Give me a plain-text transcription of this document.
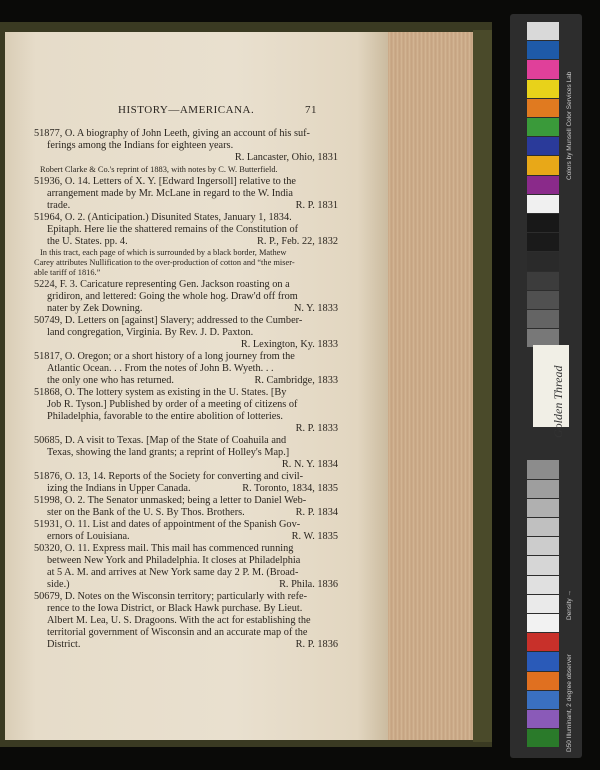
HISTORY—AMERICANA.	71
51877, O. A biography of John Leeth, giving an account of his suf-
ferings among the Indians for eighteen years.
R. Lancaster, Ohio, 1831
Robert Clarke & Co.'s reprint of 1883, with notes by C. W. Butterfield.
51936, O. 14. Letters of X. Y. [Edward Ingersoll] relative to the
arrangement made by Mr. McLane in regard to the W. India
trade.	R. P. 1831
51964, O. 2. (Anticipation.) Disunited States, January 1, 1834.
Epitaph. Here lie the shattered remains of the Constitution of
the U. States. pp. 4.	R. P., Feb. 22, 1832
In this tract, each page of which is surrounded by a black border, Mathew
Carey attributes Nullification to the over-production of cotton and “the miser-
able tariff of 1816.”
5224, F. 3. Caricature representing Gen. Jackson roasting on a
gridiron, and lettered: Going the whole hog. Draw'd off from
nater by Zek Downing.	N. Y. 1833
50749, D. Letters on [against] Slavery; addressed to the Cumber-
land congregation, Virginia. By Rev. J. D. Paxton.
R. Lexington, Ky. 1833
51817, O. Oregon; or a short history of a long journey from the
Atlantic Ocean. . . From the notes of John B. Wyeth. . .
the only one who has returned.	R. Cambridge, 1833
51868, O. The lottery system as existing in the U. States. [By
Job R. Tyson.] Published by order of a meeting of citizens of
Philadelphia, favorable to the entire abolition of lotteries.
R. P. 1833
50685, D. A visit to Texas. [Map of the State of Coahuila and
Texas, showing the land grants; a reprint of Holley's Map.]
R. N. Y. 1834
51876, O. 13, 14. Reports of the Society for converting and civil-
izing the Indians in Upper Canada.	R. Toronto, 1834, 1835
51998, O. 2. The Senator unmasked; being a letter to Daniel Web-
ster on the Bank of the U. S. By Thos. Brothers.	R. P. 1834
51931, O. 11. List and dates of appointment of the Spanish Gov-
ernors of Louisiana.	R. W. 1835
50320, O. 11. Express mail. This mail has commenced running
between New York and Philadelphia. It closes at Philadelphia
at 5 A. M. and arrives at New York same day 2 P. M. (Broad-
side.)	R. Phila. 1836
50679, D. Notes on the Wisconsin territory; particularly with refe-
rence to the Iowa District, or Black Hawk purchase. By Lieut.
Albert M. Lea, U. S. Dragoons. With the act for establishing the
territorial government of Wisconsin and an accurate map of the
District.	R. P. 1836
Colors by Munsell Color Services Lab
Golden Thread
Density →
D50 Illuminant, 2 degree observer
